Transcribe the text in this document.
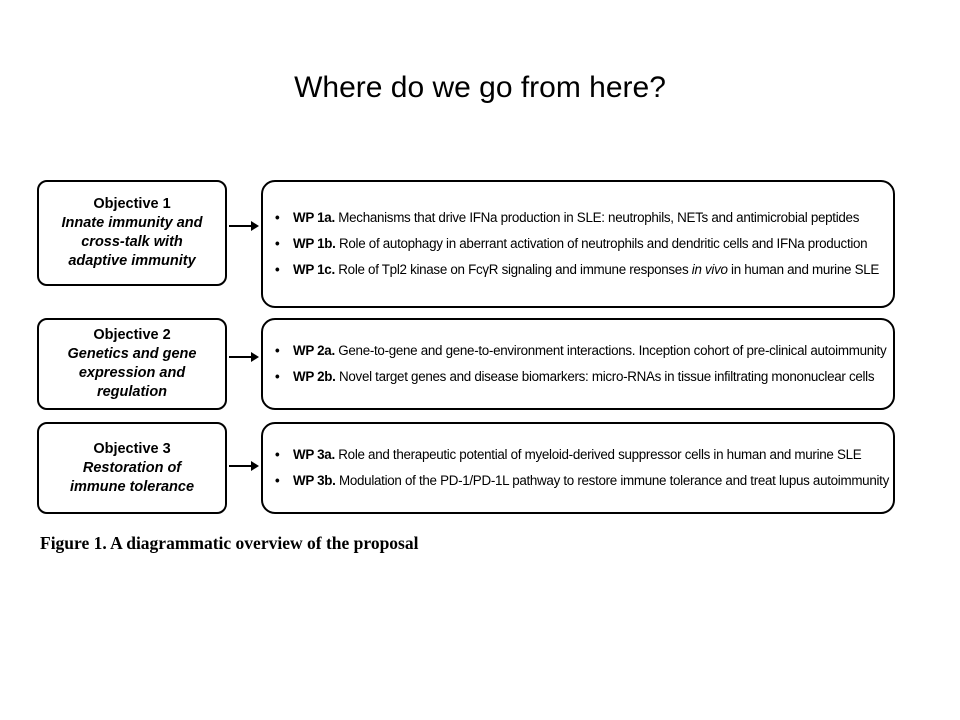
Where do we go from here?
Objective 1
Innate immunity and cross-talk with adaptive immunity
• WP 1a. Mechanisms that drive IFNa production in SLE: neutrophils, NETs and antimicrobial peptides
• WP 1b. Role of autophagy in aberrant activation of neutrophils and dendritic cells and IFNa production
• WP 1c. Role of Tpl2 kinase on FcγR signaling and immune responses in vivo in human and murine SLE
Objective 2
Genetics and gene expression and regulation
• WP 2a. Gene-to-gene and gene-to-environment interactions. Inception cohort of pre-clinical autoimmunity
• WP 2b. Novel target genes and disease biomarkers: micro-RNAs in tissue infiltrating mononuclear cells
Objective 3
Restoration of immune tolerance
• WP 3a. Role and therapeutic potential of myeloid-derived suppressor cells in human and murine SLE
• WP 3b. Modulation of the PD-1/PD-1L pathway to restore immune tolerance and treat lupus autoimmunity
Figure 1. A diagrammatic overview of the proposal
